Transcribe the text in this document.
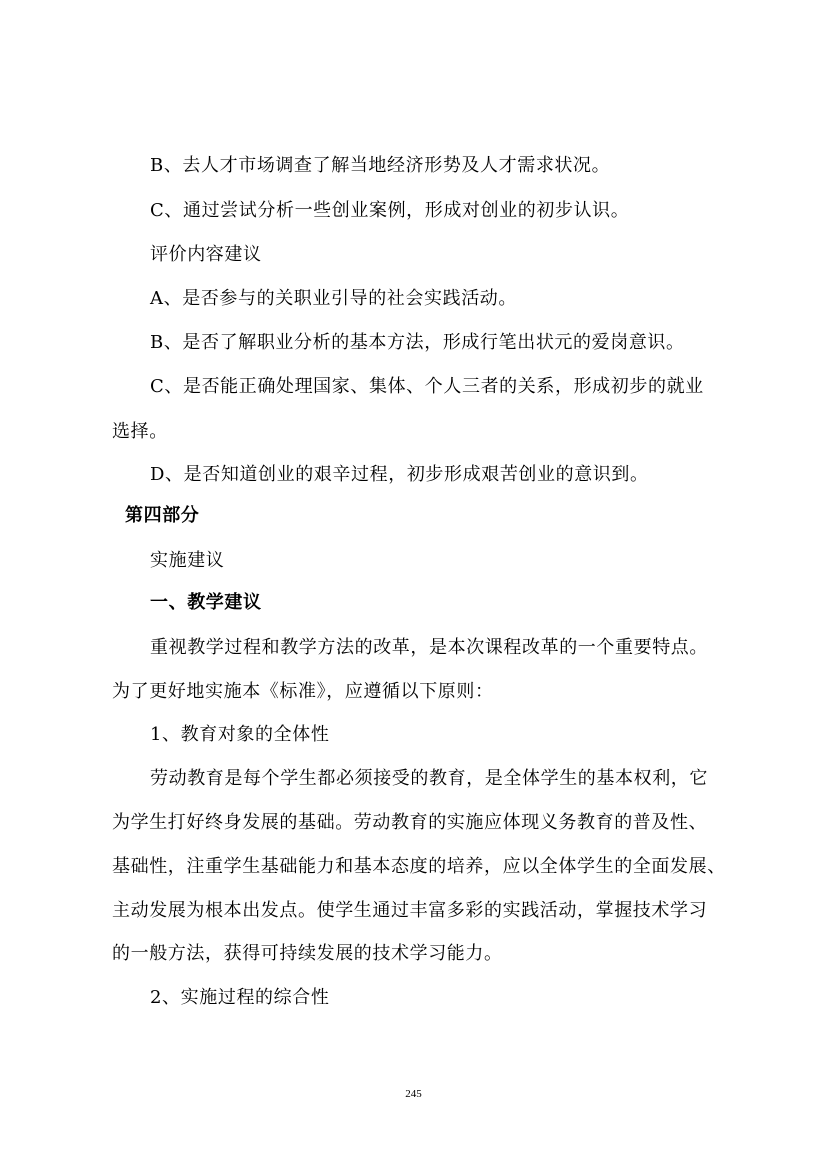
B、去人才市场调查了解当地经济形势及人才需求状况。
C、通过尝试分析一些创业案例，形成对创业的初步认识。
评价内容建议
A、是否参与的关职业引导的社会实践活动。
B、是否了解职业分析的基本方法，形成行笔出状元的爱岗意识。
C、是否能正确处理国家、集体、个人三者的关系，形成初步的就业
选择。
D、是否知道创业的艰辛过程，初步形成艰苦创业的意识到。
第四部分
实施建议
一、教学建议
重视教学过程和教学方法的改革，是本次课程改革的一个重要特点。
为了更好地实施本《标准》，应遵循以下原则：
1、教育对象的全体性
劳动教育是每个学生都必须接受的教育，是全体学生的基本权利，它
为学生打好终身发展的基础。劳动教育的实施应体现义务教育的普及性、
基础性，注重学生基础能力和基本态度的培养，应以全体学生的全面发展、
主动发展为根本出发点。使学生通过丰富多彩的实践活动，掌握技术学习
的一般方法，获得可持续发展的技术学习能力。
2、实施过程的综合性
245
